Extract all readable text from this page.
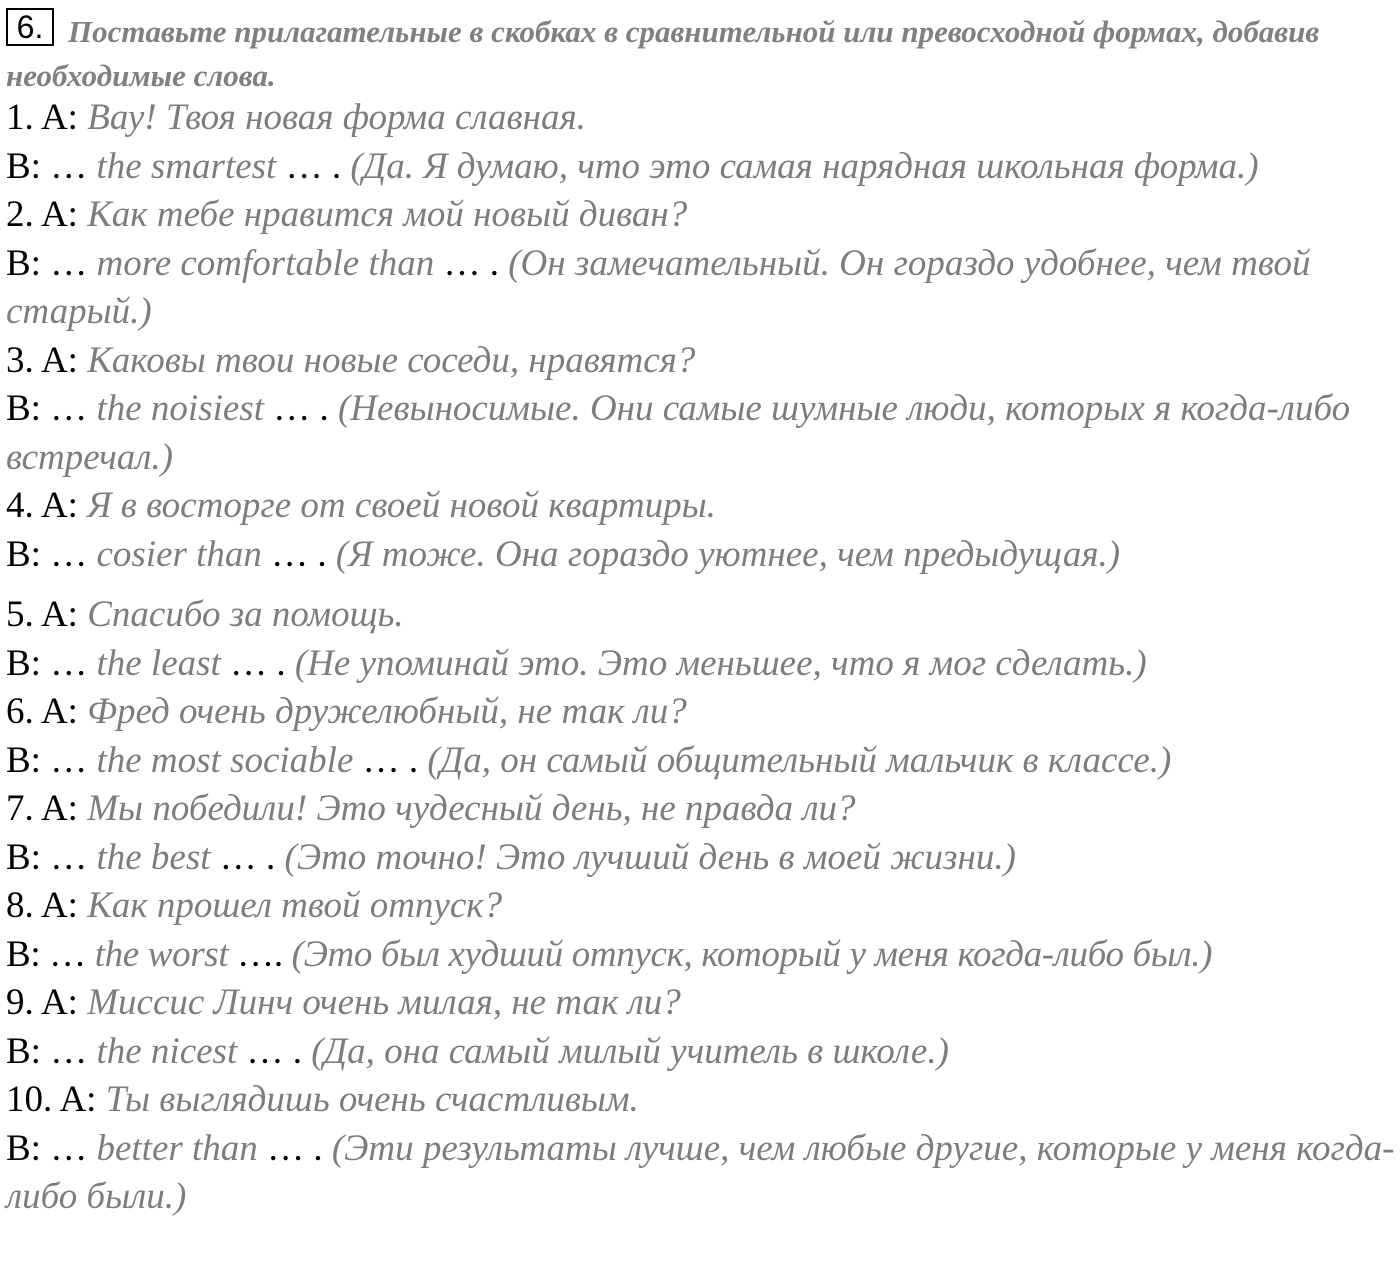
Поставьте прилагательные в скобках в сравнительной или превосходной формах, добавив необходимые слова.
6.
1. A: Вау! Твоя новая форма славная.
B: … the smartest … . (Да. Я думаю, что это самая нарядная школьная форма.)
2. A: Как тебе нравится мой новый диван?
B: … more comfortable than … . (Он замечательный. Он гораздо удобнее, чем твой старый.)
3. A: Каковы твои новые соседи, нравятся?
B: … the noisiest … . (Невыносимые. Они самые шумные люди, которых я когда-либо встречал.)
4. A: Я в восторге от своей новой квартиры.
B: … cosier than … . (Я тоже. Она гораздо уютнее, чем предыдущая.)
5. A: Спасибо за помощь.
B: … the least … . (Не упоминай это. Это меньшее, что я мог сделать.)
6. A: Фред очень дружелюбный, не так ли?
B: … the most sociable … . (Да, он самый общительный мальчик в классе.)
7. A: Мы победили! Это чудесный день, не правда ли?
B: … the best … . (Это точно! Это лучший день в моей жизни.)
8. A: Как прошел твой отпуск?
B: … the worst …. (Это был худший отпуск, который у меня когда-либо был.)
9. A: Миссис Линч очень милая, не так ли?
B: … the nicest … . (Да, она самый милый учитель в школе.)
10. A: Ты выглядишь очень счастливым.
B: … better than … . (Эти результаты лучше, чем любые другие, которые у меня когда-либо были.)
